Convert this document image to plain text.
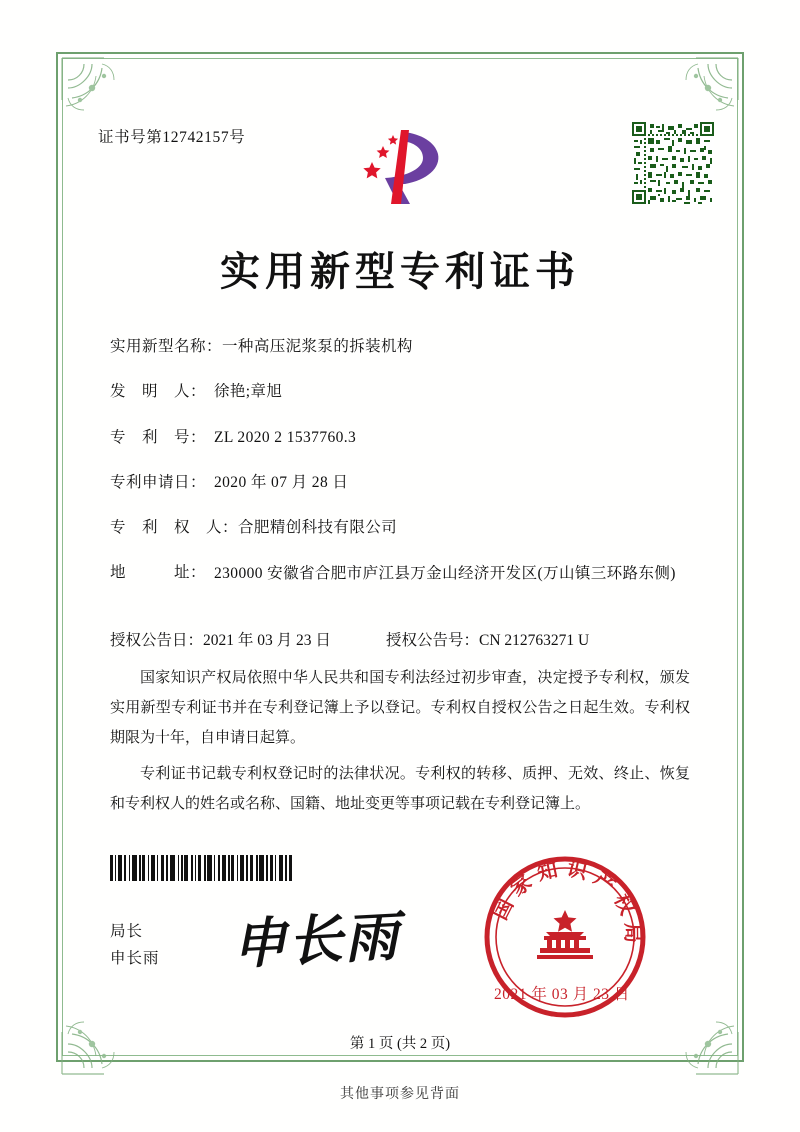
证书号第12742157号
实用新型专利证书
实用新型名称： 一种高压泥浆泵的拆装机构
发　明　人： 徐艳;章旭
专　利　号： ZL 2020 2 1537760.3
专利申请日： 2020 年 07 月 28 日
专　利　权　人： 合肥精创科技有限公司
地　　　址： 230000 安徽省合肥市庐江县万金山经济开发区(万山镇三环路东侧)
授权公告日：2021 年 03 月 23 日	授权公告号：CN 212763271 U

国家知识产权局依照中华人民共和国专利法经过初步审查，决定授予专利权，颁发实用新型专利证书并在专利登记簿上予以登记。专利权自授权公告之日起生效。专利权期限为十年，自申请日起算。

专利证书记载专利权登记时的法律状况。专利权的转移、质押、无效、终止、恢复和专利权人的姓名或名称、国籍、地址变更等事项记载在专利登记簿上。

局长
申长雨 申长雨	国家知识产权局
2021 年 03 月 23 日
第 1 页 (共 2 页)
其他事项参见背面
